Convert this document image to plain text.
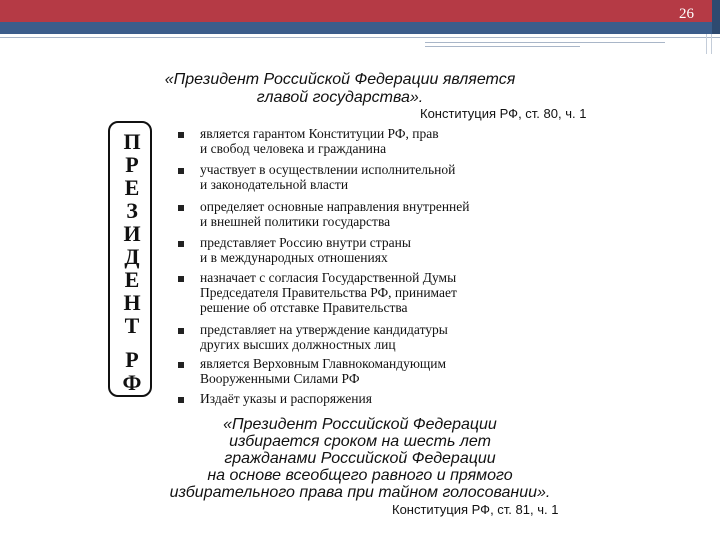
26
«Президент Российской Федерации является
главой государства».
Конституция РФ, ст. 80, ч. 1
П
Р
Е
З
И
Д
Е
Н
Т
Р
Ф
является гарантом Конституции РФ, прав
и свобод человека и гражданина
участвует в осуществлении исполнительной
и законодательной власти
определяет основные направления внутренней
и внешней политики государства
представляет Россию внутри страны
и в международных отношениях
назначает с согласия Государственной Думы
Председателя Правительства РФ, принимает
решение об отставке Правительства
представляет на утверждение кандидатуры
других высших должностных лиц
является Верховным Главнокомандующим
Вооруженными Силами РФ
Издаёт указы и распоряжения
«Президент Российской Федерации
избирается сроком на шесть лет
гражданами Российской Федерации
на основе всеобщего равного и прямого
избирательного права при тайном голосовании».
Конституция РФ, ст. 81, ч. 1
